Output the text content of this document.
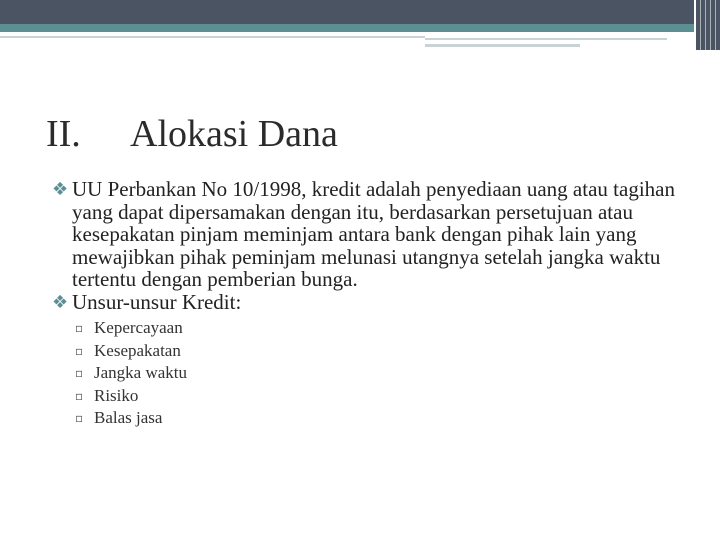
II. Alokasi Dana
❖ UU Perbankan No 10/1998, kredit adalah penyediaan uang atau tagihan yang dapat dipersamakan dengan itu, berdasarkan persetujuan atau kesepakatan pinjam meminjam antara bank dengan pihak lain yang mewajibkan pihak peminjam melunasi utangnya setelah jangka waktu tertentu dengan pemberian bunga.
❖ Unsur-unsur Kredit:
▫ Kepercayaan
▫ Kesepakatan
▫ Jangka waktu
▫ Risiko
▫ Balas jasa
